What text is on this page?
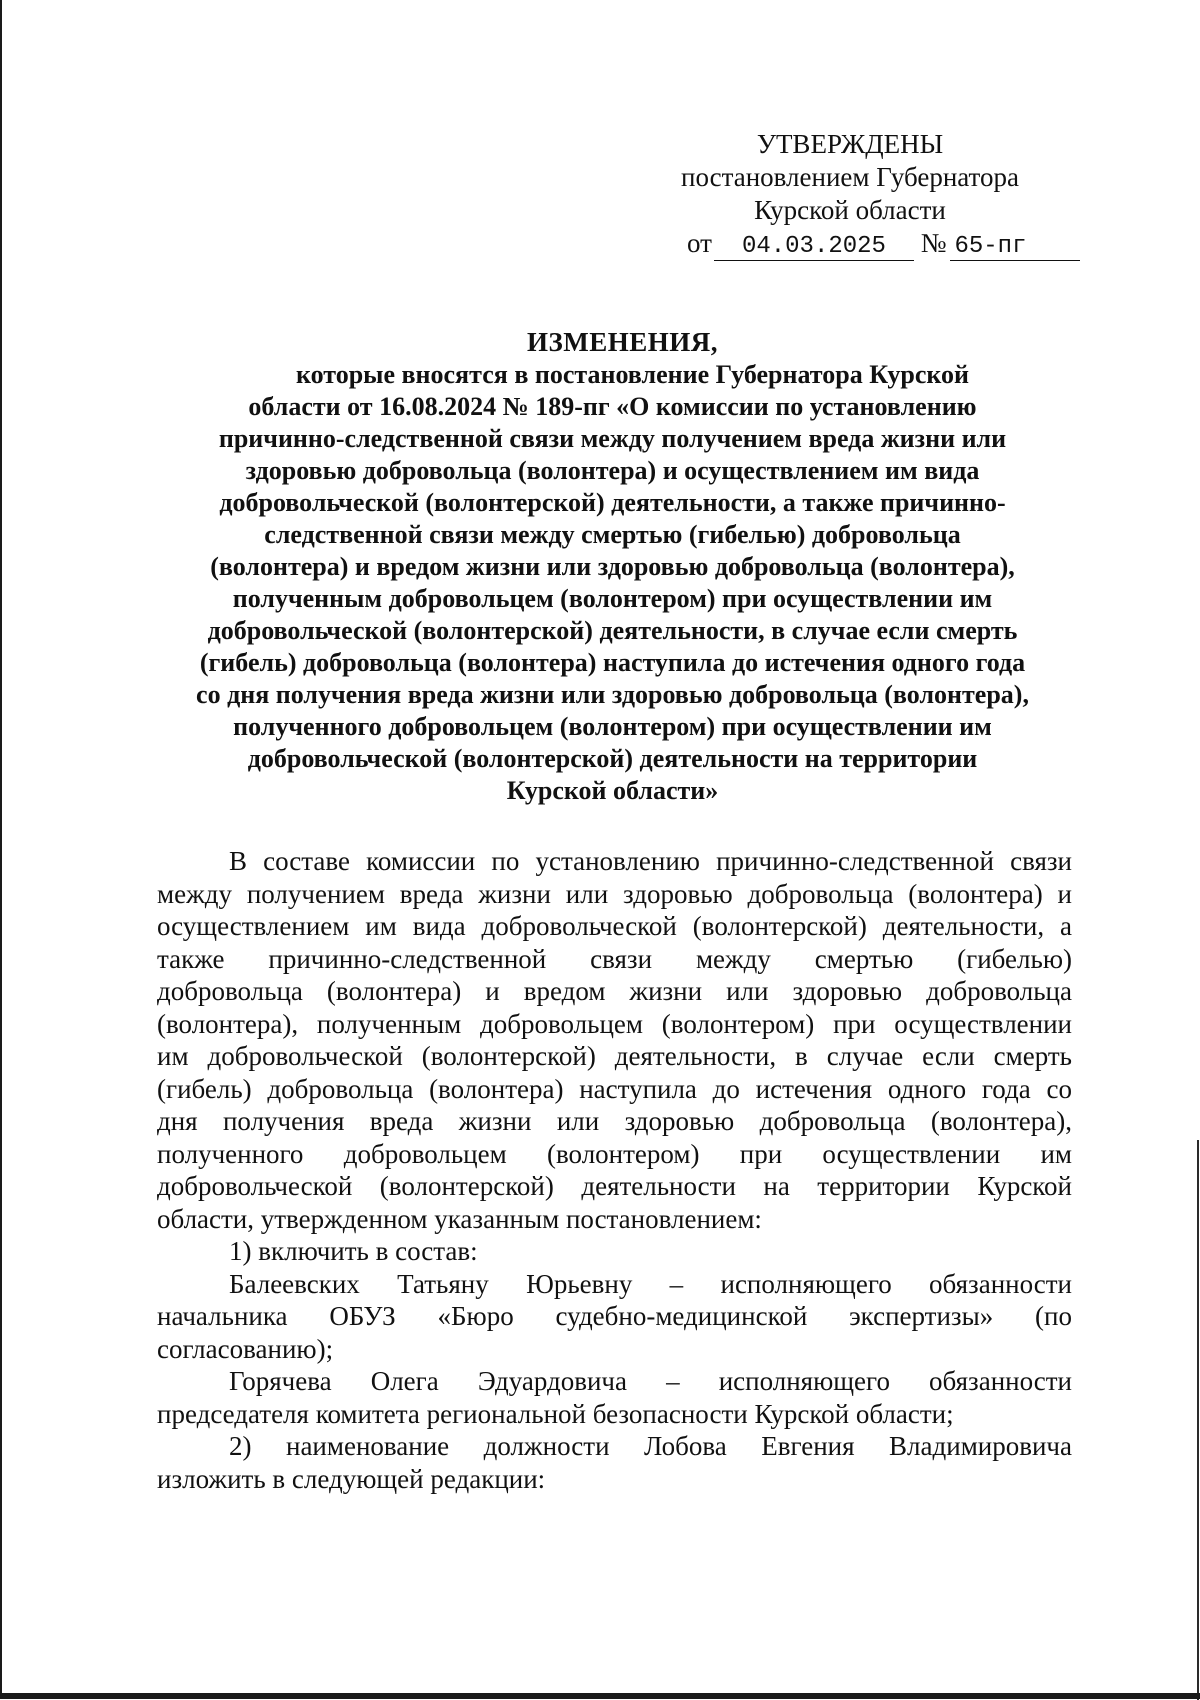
УТВЕРЖДЕНЫ
постановлением Губернатора
Курской области
от 04.03.2025 № 65-пг
ИЗМЕНЕНИЯ,
которые вносятся в постановление Губернатора Курской
области от 16.08.2024 № 189-пг «О комиссии по установлению
причинно-следственной связи между получением вреда жизни или
здоровью добровольца (волонтера) и осуществлением им вида
добровольческой (волонтерской) деятельности, а также причинно-
следственной связи между смертью (гибелью) добровольца
(волонтера) и вредом жизни или здоровью добровольца (волонтера),
полученным добровольцем (волонтером) при осуществлении им
добровольческой (волонтерской) деятельности, в случае если смерть
(гибель) добровольца (волонтера) наступила до истечения одного года
со дня получения вреда жизни или здоровью добровольца (волонтера),
полученного добровольцем (волонтером) при осуществлении им
добровольческой (волонтерской) деятельности на территории
Курской области»
В составе комиссии по установлению причинно-следственной связи
между получением вреда жизни или здоровью добровольца (волонтера) и
осуществлением им вида добровольческой (волонтерской) деятельности, а
также причинно-следственной связи между смертью (гибелью)
добровольца (волонтера) и вредом жизни или здоровью добровольца
(волонтера), полученным добровольцем (волонтером) при осуществлении
им добровольческой (волонтерской) деятельности, в случае если смерть
(гибель) добровольца (волонтера) наступила до истечения одного года со
дня получения вреда жизни или здоровью добровольца (волонтера),
полученного добровольцем (волонтером) при осуществлении им
добровольческой (волонтерской) деятельности на территории Курской
области, утвержденном указанным постановлением:
1) включить в состав:
Балеевских Татьяну Юрьевну – исполняющего обязанности
начальника ОБУЗ «Бюро судебно-медицинской экспертизы» (по
согласованию);
Горячева Олега Эдуардовича – исполняющего обязанности
председателя комитета региональной безопасности Курской области;
2) наименование должности Лобова Евгения Владимировича
изложить в следующей редакции:
